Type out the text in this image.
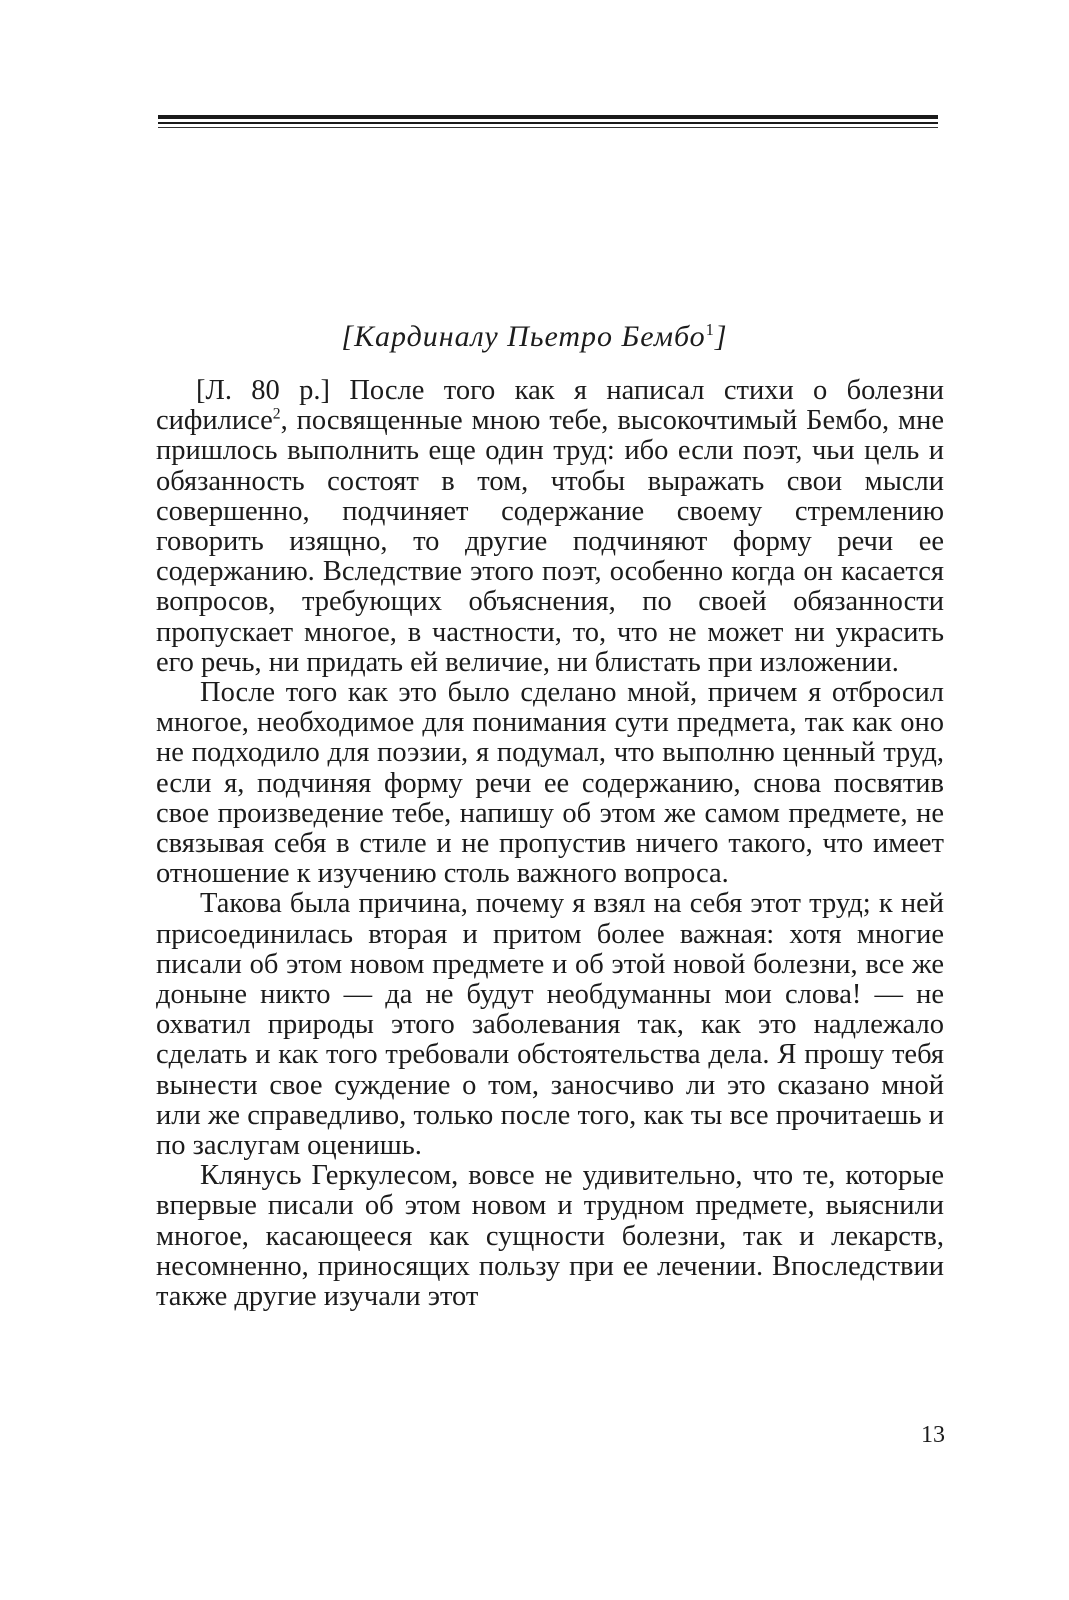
[Кардиналу Пьетро Бембо$^1$]

[Л. 80 р.] После того как я написал стихи о болезни сифилисе$^2$, посвященные мною тебе, высокочтимый Бембо, мне пришлось выполнить еще один труд: ибо если поэт, чьи цель и обязанность состоят в том, чтобы выражать свои мысли совершенно, подчиняет содержание своему стремлению говорить изящно, то другие подчиняют форму речи ее содержанию. Вследствие этого поэт, особенно когда он касается вопросов, требующих объяснения, по своей обязанности пропускает многое, в частности, то, что не может ни украсить его речь, ни придать ей величие, ни блистать при изложении.

После того как это было сделано мной, причем я отбросил многое, необходимое для понимания сути предмета, так как оно не подходило для поэзии, я подумал, что выполню ценный труд, если я, подчиняя форму речи ее содержанию, снова посвятив свое произведение тебе, напишу об этом же самом предмете, не связывая себя в стиле и не пропустив ничего такого, что имеет отношение к изучению столь важного вопроса.

Такова была причина, почему я взял на себя этот труд; к ней присоединилась вторая и притом более важная: хотя многие писали об этом новом предмете и об этой новой болезни, все же доныне никто — да не будут необдуманны мои слова! — не охватил природы этого заболевания так, как это надлежало сделать и как того требовали обстоятельства дела. Я прошу тебя вынести свое суждение о том, заносчиво ли это сказано мной или же справедливо, только после того, как ты все прочитаешь и по заслугам оценишь.

Клянусь Геркулесом, вовсе не удивительно, что те, которые впервые писали об этом новом и трудном предмете, выяснили многое, касающееся как сущности болезни, так и лекарств, несомненно, приносящих пользу при ее лечении. Впоследствии также другие изучали этот

13
